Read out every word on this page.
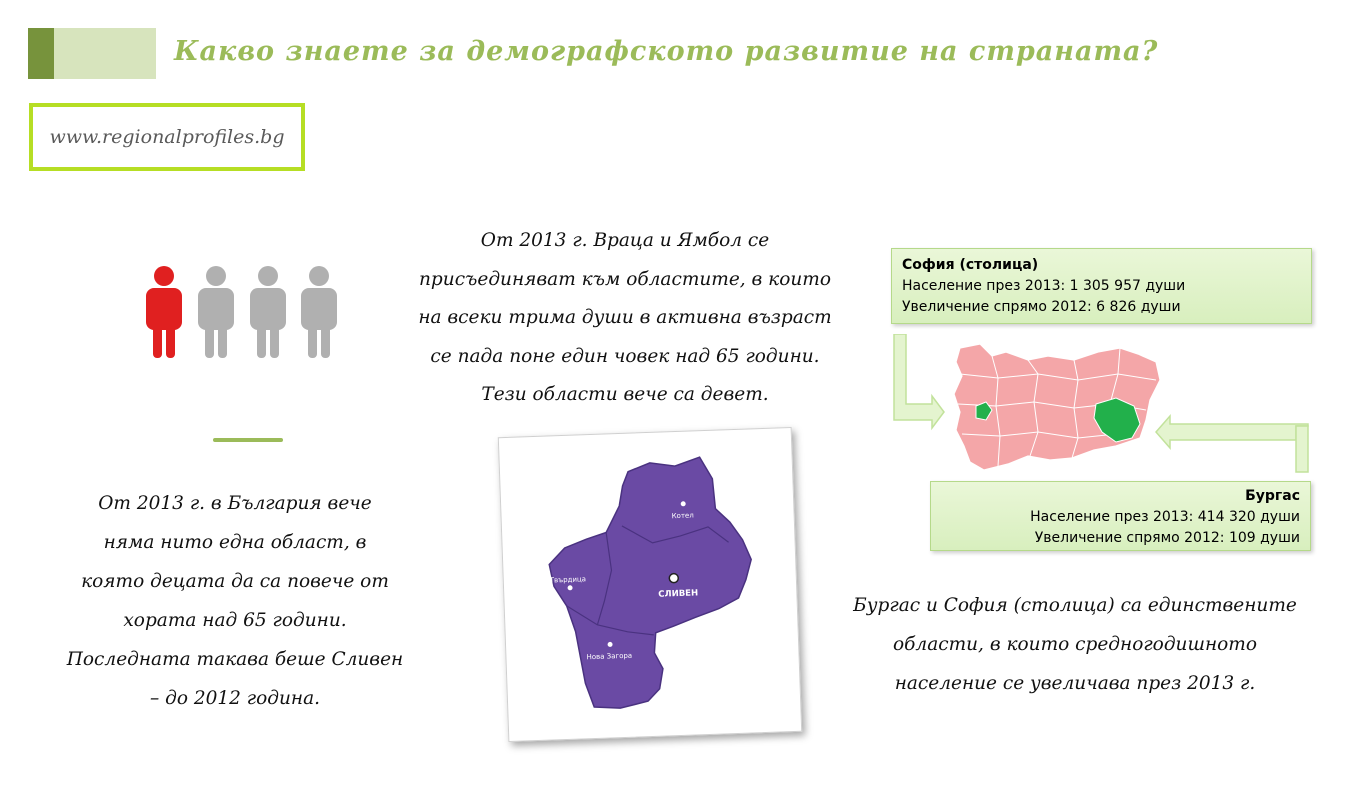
Какво знаете за демографското развитие на страната?
www.regionalprofiles.bg
От 2013 г. в България вече
няма нито една област, в
която децата да са повече от
хората над 65 години.
Последната такава беше Сливен
– до 2012 година.
От 2013 г. Враца и Ямбол се
присъединяват към областите, в които
на всеки трима души в активна възраст
се пада поне един човек над 65 години.
Тези области вече са девет.
Котел
Твърдица
СЛИВЕН
Нова Загора
София (столица)
Население през 2013: 1 305 957 души
Увеличение спрямо 2012: 6 826 души
Бургас
Население през 2013: 414 320 души
Увеличение спрямо 2012: 109 души
Бургас и София (столица) са единствените
области, в които средногодишното
население се увеличава през 2013 г.
